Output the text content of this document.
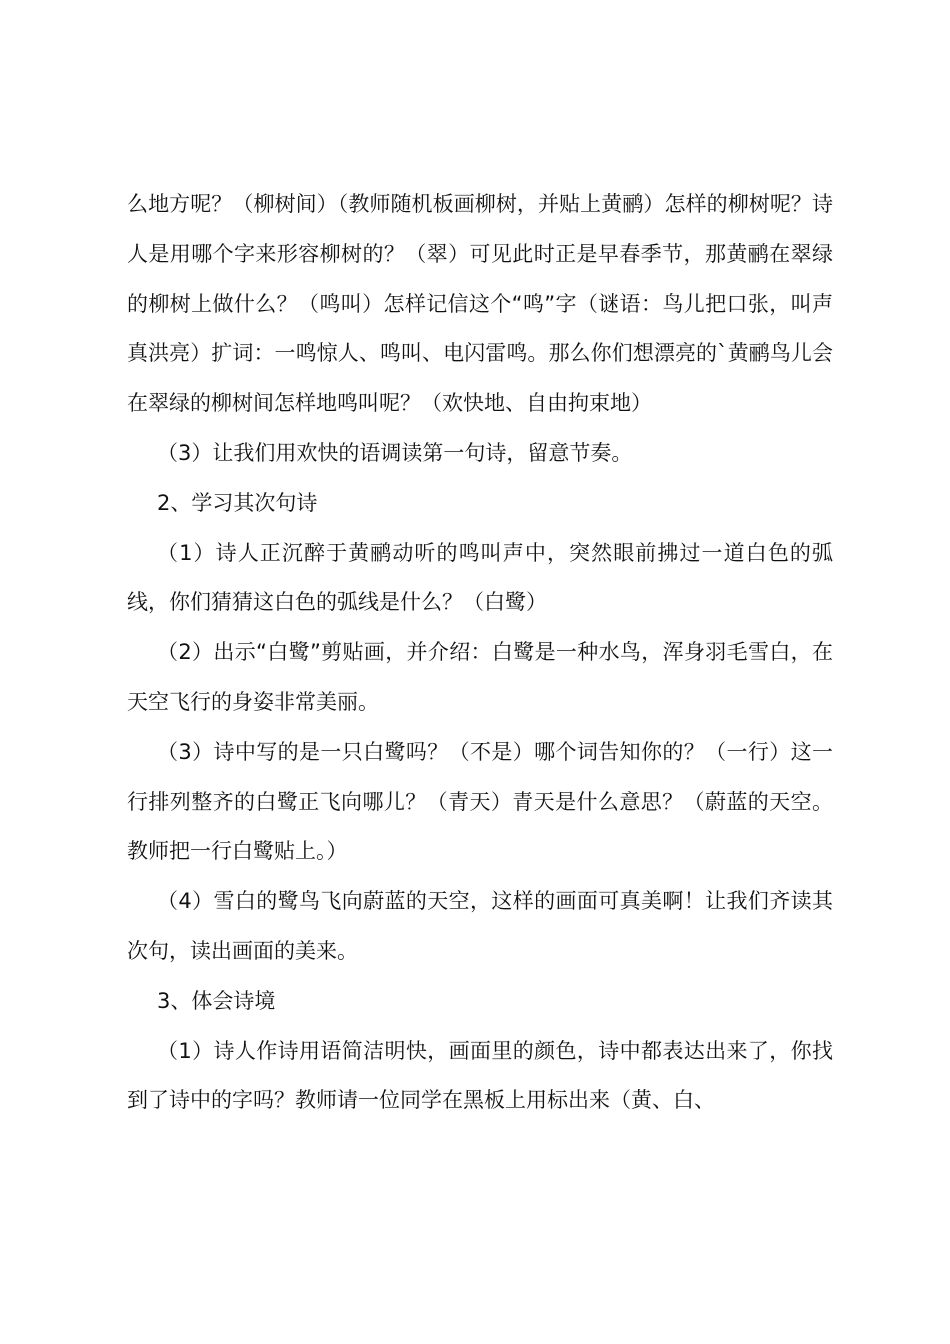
么地方呢？（柳树间）（教师随机板画柳树，并贴上黄鹂）怎样的柳树呢？诗人是用哪个字来形容柳树的？（翠）可见此时正是早春季节，那黄鹂在翠绿的柳树上做什么？（鸣叫）怎样记信这个“鸣”字（谜语：鸟儿把口张，叫声真洪亮）扩词：一鸣惊人、鸣叫、电闪雷鸣。那么你们想漂亮的`黄鹂鸟儿会在翠绿的柳树间怎样地鸣叫呢？（欢快地、自由拘束地）

（3）让我们用欢快的语调读第一句诗，留意节奏。

2、学习其次句诗

（1）诗人正沉醉于黄鹂动听的鸣叫声中，突然眼前拂过一道白色的弧线，你们猜猜这白色的弧线是什么？（白鹭）

（2）出示“白鹭”剪贴画，并介绍：白鹭是一种水鸟，浑身羽毛雪白，在天空飞行的身姿非常美丽。

（3）诗中写的是一只白鹭吗？（不是）哪个词告知你的？（一行）这一行排列整齐的白鹭正飞向哪儿？（青天）青天是什么意思？（蔚蓝的天空。教师把一行白鹭贴上。）

（4）雪白的鹭鸟飞向蔚蓝的天空，这样的画面可真美啊！让我们齐读其次句，读出画面的美来。

3、体会诗境

（1）诗人作诗用语简洁明快，画面里的颜色，诗中都表达出来了，你找到了诗中的字吗？教师请一位同学在黑板上用标出来（黄、白、
